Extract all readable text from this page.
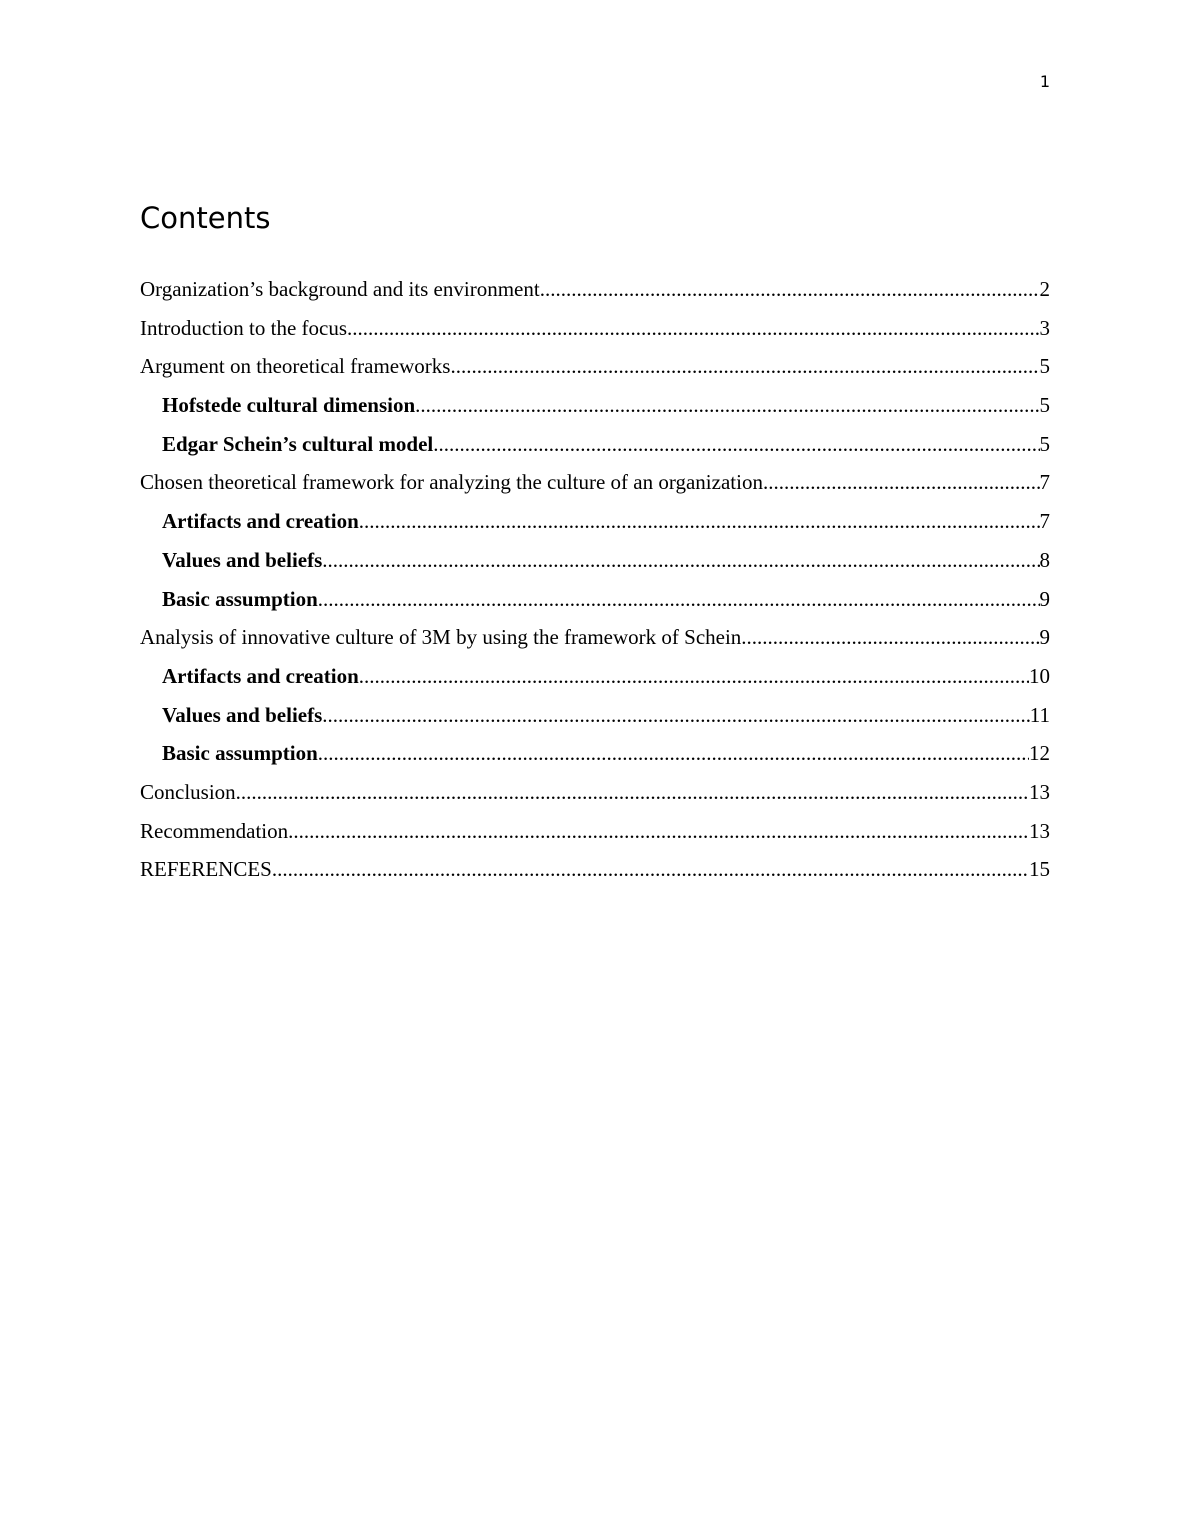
1
Contents
Organization’s background and its environment .....	2
Introduction to the focus .....	3
Argument on theoretical frameworks .....	5
Hofstede cultural dimension .....	5
Edgar Schein’s cultural model .....	5
Chosen theoretical framework for analyzing the culture of an organization .....	7
Artifacts and creation .....	7
Values and beliefs .....	8
Basic assumption .....	9
Analysis of innovative culture of 3M by using the framework of Schein .....	9
Artifacts and creation .....	10
Values and beliefs .....	11
Basic assumption .....	12
Conclusion .....	13
Recommendation .....	13
REFERENCES .....	15
